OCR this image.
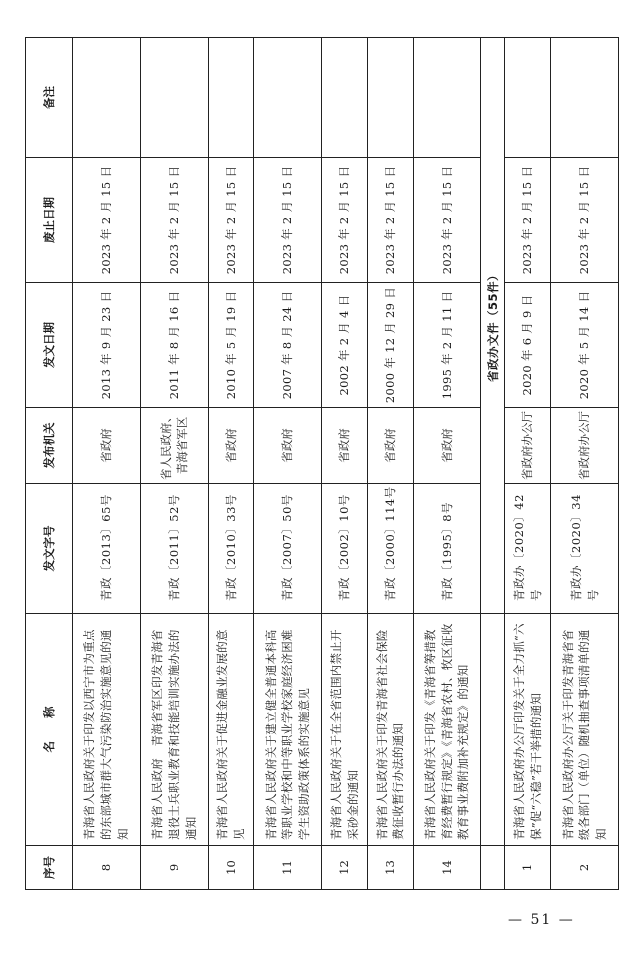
序号	名　　称	发文字号	发布机关	发文日期	废止日期	备注
8	青海省人民政府关于印发以西宁市为重点的东部城市群大气污染防治实施意见的通知	青政〔2013〕65号	省政府	2013 年 9 月 23 日	2023 年 2 月 15 日	
9	青海省人民政府　青海省军区印发青海省退役士兵职业教育和技能培训实施办法的通知	青政〔2011〕52号	省人民政府、青海省军区	2011 年 8 月 16 日	2023 年 2 月 15 日	
10	青海省人民政府关于促进金融业发展的意见	青政〔2010〕33号	省政府	2010 年 5 月 19 日	2023 年 2 月 15 日	
11	青海省人民政府关于建立健全普通本科高等职业学校和中等职业学校家庭经济困难学生资助政策体系的实施意见	青政〔2007〕50号	省政府	2007 年 8 月 24 日	2023 年 2 月 15 日	
12	青海省人民政府关于在全省范围内禁止开采砂金的通知	青政〔2002〕10号	省政府	2002 年 2 月 4 日	2023 年 2 月 15 日	
13	青海省人民政府关于印发青海省社会保险费征收暂行办法的通知	青政〔2000〕114号	省政府	2000 年 12 月 29 日	2023 年 2 月 15 日	
14	青海省人民政府关于印发《青海省筹措教育经费暂行规定》《青海省农村、牧区征收教育事业费附加补充规定》的通知	青政〔1995〕8号	省政府	1995 年 2 月 11 日	2023 年 2 月 15 日	
		省政办文件（55件）				
1	青海省人民政府办公厅印发关于全力抓“六保”促“六稳”若干举措的通知	青政办〔2020〕42号	省政府办公厅	2020 年 6 月 9 日	2023 年 2 月 15 日	
2	青海省人民政府办公厅关于印发青海省省级各部门（单位）随机抽查事项清单的通知	青政办〔2020〕34号	省政府办公厅	2020 年 5 月 14 日	2023 年 2 月 15 日	
— 51 —
